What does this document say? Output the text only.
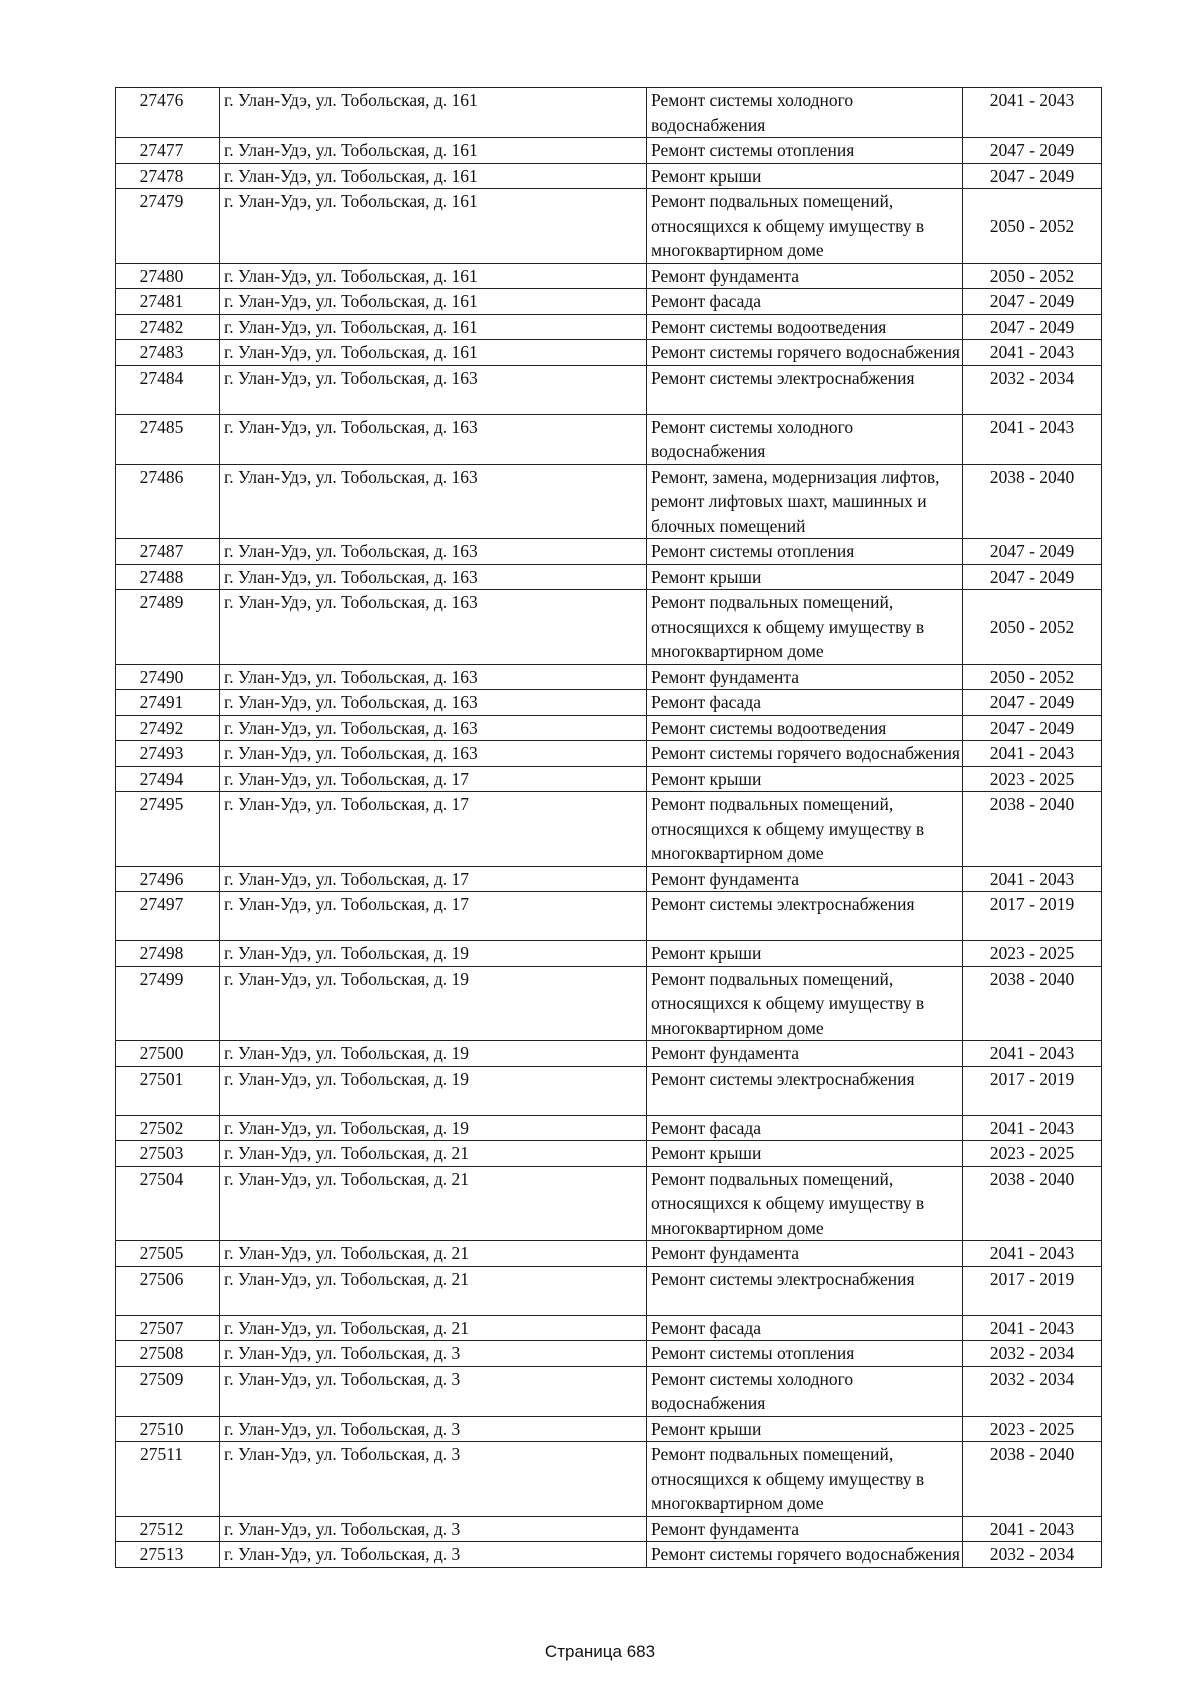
27476	г. Улан-Удэ, ул. Тобольская, д. 161	Ремонт системы холодного водоснабжения	2041 - 2043
27477	г. Улан-Удэ, ул. Тобольская, д. 161	Ремонт системы отопления	2047 - 2049
27478	г. Улан-Удэ, ул. Тобольская, д. 161	Ремонт крыши	2047 - 2049
27479	г. Улан-Удэ, ул. Тобольская, д. 161	Ремонт подвальных помещений, относящихся к общему имуществу в многоквартирном доме	2050 - 2052
27480	г. Улан-Удэ, ул. Тобольская, д. 161	Ремонт фундамента	2050 - 2052
27481	г. Улан-Удэ, ул. Тобольская, д. 161	Ремонт фасада	2047 - 2049
27482	г. Улан-Удэ, ул. Тобольская, д. 161	Ремонт системы водоотведения	2047 - 2049
27483	г. Улан-Удэ, ул. Тобольская, д. 161	Ремонт системы горячего водоснабжения	2041 - 2043
27484	г. Улан-Удэ, ул. Тобольская, д. 163	Ремонт системы электроснабжения	2032 - 2034
27485	г. Улан-Удэ, ул. Тобольская, д. 163	Ремонт системы холодного водоснабжения	2041 - 2043
27486	г. Улан-Удэ, ул. Тобольская, д. 163	Ремонт, замена, модернизация лифтов, ремонт лифтовых шахт, машинных и блочных помещений	2038 - 2040
27487	г. Улан-Удэ, ул. Тобольская, д. 163	Ремонт системы отопления	2047 - 2049
27488	г. Улан-Удэ, ул. Тобольская, д. 163	Ремонт крыши	2047 - 2049
27489	г. Улан-Удэ, ул. Тобольская, д. 163	Ремонт подвальных помещений, относящихся к общему имуществу в многоквартирном доме	2050 - 2052
27490	г. Улан-Удэ, ул. Тобольская, д. 163	Ремонт фундамента	2050 - 2052
27491	г. Улан-Удэ, ул. Тобольская, д. 163	Ремонт фасада	2047 - 2049
27492	г. Улан-Удэ, ул. Тобольская, д. 163	Ремонт системы водоотведения	2047 - 2049
27493	г. Улан-Удэ, ул. Тобольская, д. 163	Ремонт системы горячего водоснабжения	2041 - 2043
27494	г. Улан-Удэ, ул. Тобольская, д. 17	Ремонт крыши	2023 - 2025
27495	г. Улан-Удэ, ул. Тобольская, д. 17	Ремонт подвальных помещений, относящихся к общему имуществу в многоквартирном доме	2038 - 2040
27496	г. Улан-Удэ, ул. Тобольская, д. 17	Ремонт фундамента	2041 - 2043
27497	г. Улан-Удэ, ул. Тобольская, д. 17	Ремонт системы электроснабжения	2017 - 2019
27498	г. Улан-Удэ, ул. Тобольская, д. 19	Ремонт крыши	2023 - 2025
27499	г. Улан-Удэ, ул. Тобольская, д. 19	Ремонт подвальных помещений, относящихся к общему имуществу в многоквартирном доме	2038 - 2040
27500	г. Улан-Удэ, ул. Тобольская, д. 19	Ремонт фундамента	2041 - 2043
27501	г. Улан-Удэ, ул. Тобольская, д. 19	Ремонт системы электроснабжения	2017 - 2019
27502	г. Улан-Удэ, ул. Тобольская, д. 19	Ремонт фасада	2041 - 2043
27503	г. Улан-Удэ, ул. Тобольская, д. 21	Ремонт крыши	2023 - 2025
27504	г. Улан-Удэ, ул. Тобольская, д. 21	Ремонт подвальных помещений, относящихся к общему имуществу в многоквартирном доме	2038 - 2040
27505	г. Улан-Удэ, ул. Тобольская, д. 21	Ремонт фундамента	2041 - 2043
27506	г. Улан-Удэ, ул. Тобольская, д. 21	Ремонт системы электроснабжения	2017 - 2019
27507	г. Улан-Удэ, ул. Тобольская, д. 21	Ремонт фасада	2041 - 2043
27508	г. Улан-Удэ, ул. Тобольская, д. 3	Ремонт системы отопления	2032 - 2034
27509	г. Улан-Удэ, ул. Тобольская, д. 3	Ремонт системы холодного водоснабжения	2032 - 2034
27510	г. Улан-Удэ, ул. Тобольская, д. 3	Ремонт крыши	2023 - 2025
27511	г. Улан-Удэ, ул. Тобольская, д. 3	Ремонт подвальных помещений, относящихся к общему имуществу в многоквартирном доме	2038 - 2040
27512	г. Улан-Удэ, ул. Тобольская, д. 3	Ремонт фундамента	2041 - 2043
27513	г. Улан-Удэ, ул. Тобольская, д. 3	Ремонт системы горячего водоснабжения	2032 - 2034
Страница 683
